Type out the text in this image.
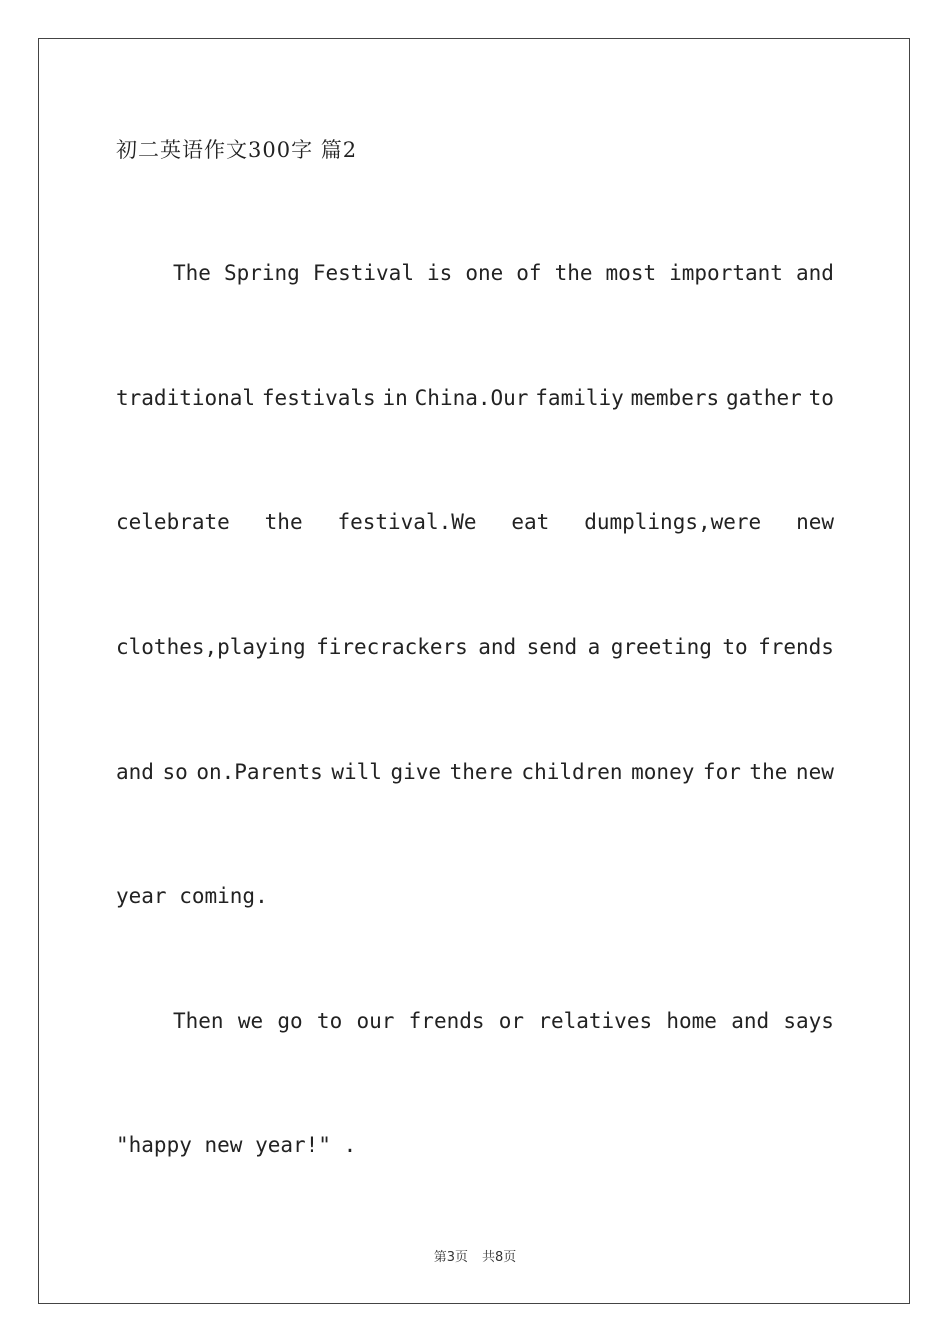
初二英语作文300字 篇2
The Spring Festival is one of the most important and
traditional festivals in China.Our familiy members gather to
celebrate the festival.We eat dumplings,were new
clothes,playing firecrackers and send a greeting to frends
and so on.Parents will give there children money for the new
year coming.
Then we go to our frends or relatives home and says
"happy new year!" .
第3页 共8页
